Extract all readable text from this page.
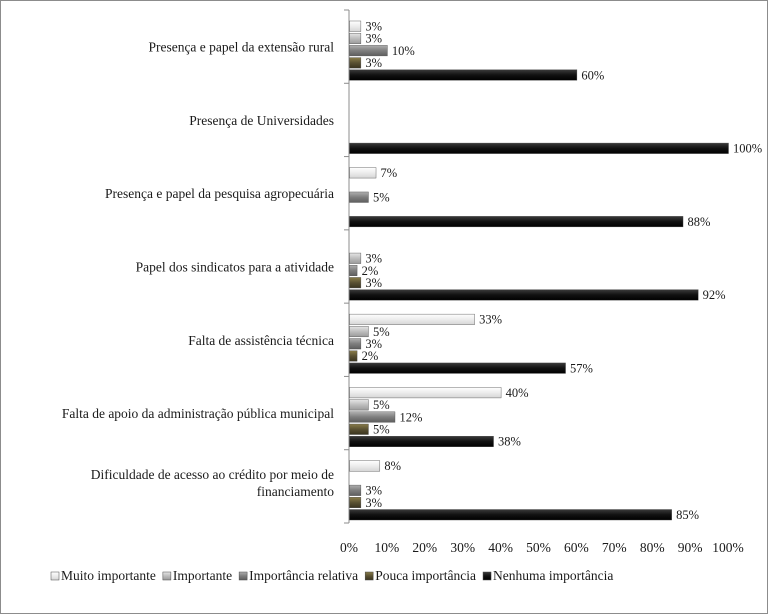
0% 10% 20% 30% 40% 50% 60% 70% 80% 90% 100%
Presença e papel da extensão rural
Presença de Universidades
Presença e papel da pesquisa agropecuária
Papel dos sindicatos para a atividade
Falta de assistência técnica
Falta de apoio da administração pública municipal
Dificuldade de acesso ao crédito por meio de
financiamento
3%
3%
10%
3%
60%
100%
7%
5%
88%
3%
2%
3%
92%
33%
5%
3%
2%
57%
40%
5%
12%
5%
38%
8%
3%
3%
85%
Muito importante Importante Importância relativa Pouca importância Nenhuma importância
